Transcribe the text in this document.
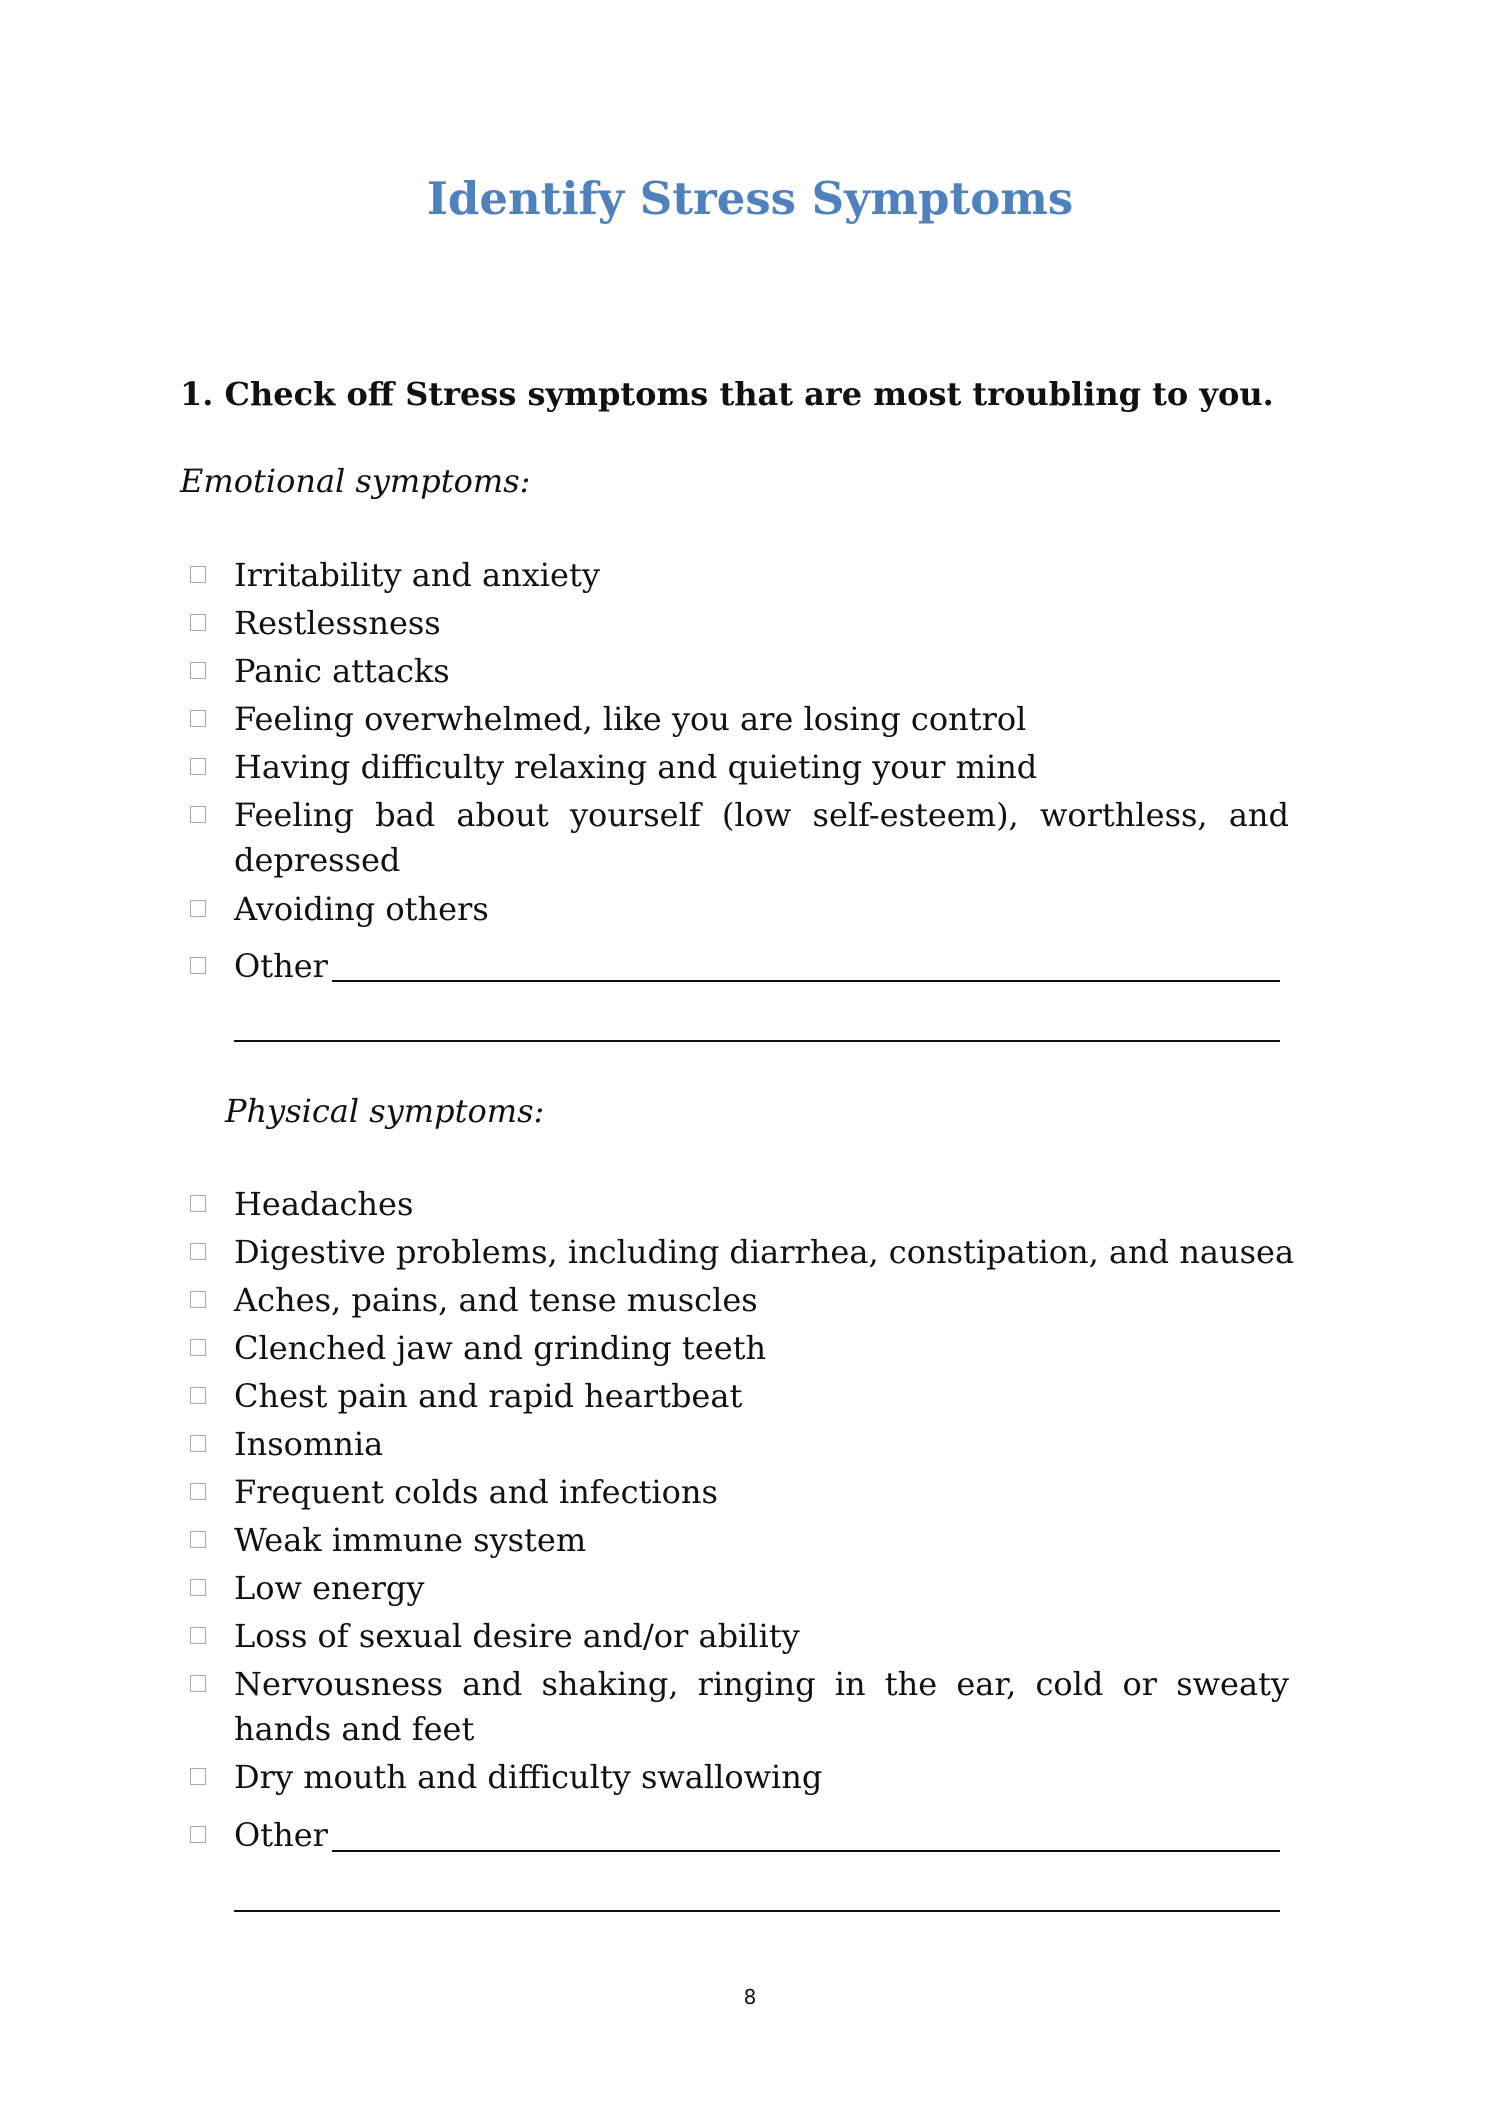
Identify Stress Symptoms

1. Check off Stress symptoms that are most troubling to you.

Emotional symptoms:

Irritability and anxiety
Restlessness
Panic attacks
Feeling overwhelmed, like you are losing control
Having difficulty relaxing and quieting your mind
Feeling bad about yourself (low self-esteem), worthless, and depressed
Avoiding others
Other

Physical symptoms:

Headaches
Digestive problems, including diarrhea, constipation, and nausea
Aches, pains, and tense muscles
Clenched jaw and grinding teeth
Chest pain and rapid heartbeat
Insomnia
Frequent colds and infections
Weak immune system
Low energy
Loss of sexual desire and/or ability
Nervousness and shaking, ringing in the ear, cold or sweaty hands and feet
Dry mouth and difficulty swallowing
Other

8
